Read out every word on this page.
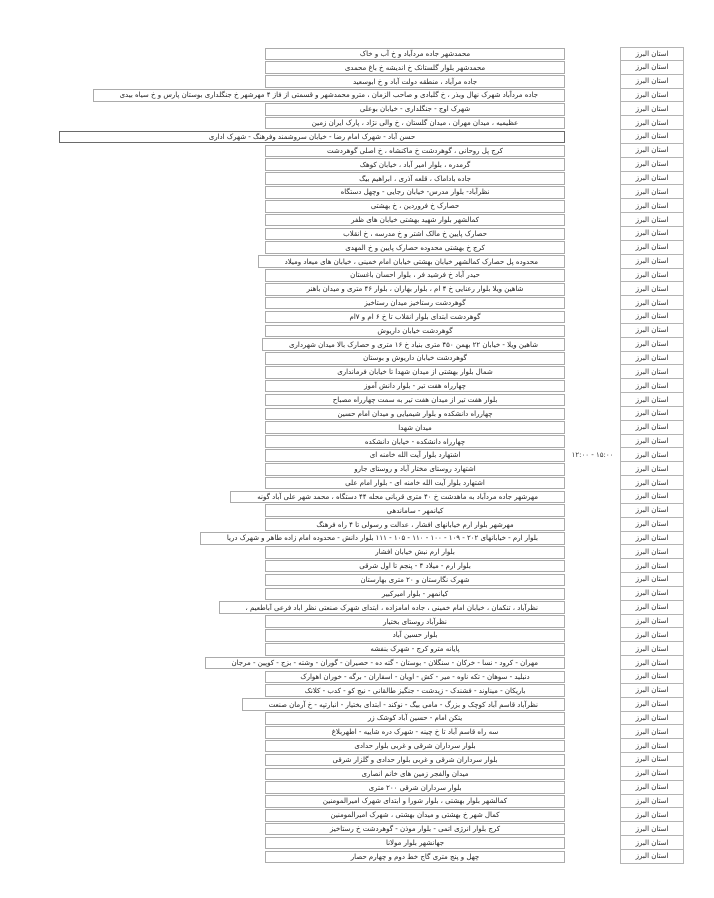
استان البرز
محمدشهر جاده مردآباد و خ آب و خاک
استان البرز
محمدشهر بلوار گلستانک خ اندیشه خ باغ محمدی
استان البرز
جاده مرآباد ، منطقه دولت آباد و خ ابوسعید
استان البرز
جاده مردآباد شهرک نهال وبذر ، خ گلبادی و صاحب الزمان ، مترو محمدشهر و قسمتی از فاز ۴ مهرشهر خ جنگلداری بوستان پارس و خ سیاه بیدی
استان البرز
شهرک اوج - جنگلداری - خیابان بوعلی
استان البرز
عظیمیه ، میدان مهران ، میدان گلستان ، خ والی نژاد ، پارک ایران زمین
استان البرز
حسن آباد - شهرک امام رضا - خیابان سروشمند وفرهنگ - شهرک اداری
استان البرز
کرج پل روحانی ، گوهردشت خ ماکنشاه ، خ اصلی گوهردشت
استان البرز
گرمدره ، بلوار امیر آباد ، خیابان کوهک
استان البرز
جاده باداماک ، قلعه آذری ، ابراهیم بیگ
استان البرز
نظرآباد- بلوار مدرس- خیابان رجایی - وچهل دستگاه
استان البرز
حصارک خ فروردین ، خ بهشتی
استان البرز
کمالشهر بلوار شهید بهشتی خیابان های ظفر
استان البرز
حصارک پایین خ مالک اشتر و خ مدرسه ، خ انقلاب
استان البرز
کرج خ بهشتی محدوده حصارک پایین و خ المهدی
استان البرز
محدوده پل حصارک کمالشهر خیابان بهشتی خیابان امام خمینی ، خیابان های میعاد ومیلاد
استان البرز
حیدر آباد خ فرشید فر ، بلوار احسان باغستان
استان البرز
شاهین ویلا بلوار رعنایی خ ۴ ام ، بلوار بهاران ، بلوار ۴۶ متری و میدان باهنر
استان البرز
گوهردشت رستاخیز میدان رستاخیز
استان البرز
گوهردشت ابتدای بلوار انقلاب تا خ ۶ ام و ۷ام
استان البرز
گوهردشت خیابان داریوش
استان البرز
شاهین ویلا - خیابان ۲۲ بهمن ۴۵۰ متری بنیاد خ ۱۶ متری و حصارک بالا میدان شهرداری
استان البرز
گوهردشت خیابان داریوش و بوستان
استان البرز
شمال بلوار بهشتی از میدان شهدا تا خیابان فرمانداری
استان البرز
چهارراه هفت تیر - بلوار دانش آموز
استان البرز
بلوار هفت تیر از میدان هفت تیر به سمت چهارراه مصباح
استان البرز
چهارراه دانشکده و بلوار شیمیایی و میدان امام حسین
استان البرز
میدان شهدا
استان البرز
چهارراه دانشکده - خیابان دانشکده
استان البرز
۱۲:۰۰ - ۱۵:۰۰
اشتهارد بلوار آیت الله خامنه ای
استان البرز
اشتهارد روستای مختار آباد و روستای جارو
استان البرز
اشتهارد بلوار آیت الله خامنه ای - بلوار امام علی
استان البرز
مهرشهر جاده مردآباد به ماهدشت خ ۴۰ متری قربانی محله ۴۴ دستگاه ، محمد شهر علی آباد گونه
استان البرز
کیانمهر - ساماندهی
استان البرز
مهرشهر بلوار ارم خیابانهای افشار ، عدالت و رسولی تا ۴ راه فرهنگ
استان البرز
بلوار ارم - خیابانهای ۲۰۲ - ۱۰۹ - ۱۰۰ - ۱۱۰ - ۱۰۵ - ۱۱۱ بلوار دانش - محدوده امام زاده طاهر و شهرک دریا
استان البرز
بلوار ارم نبش خیابان افشار
استان البرز
بلوار ارم - میلاد ۴ - پنجم تا اول شرقی
استان البرز
شهرک نگارستان و ۲۰ متری بهارستان
استان البرز
کیانمهر - بلوار امیرکبیر
استان البرز
نظرآباد ، تنکمان ، خیابان امام خمینی ، جاده امامزاده ، ابتدای شهرک صنعتی نظر اباد فرعی آباطعیم ،
استان البرز
نظرآباد روستای بختیار
استان البرز
بلوار حسین آباد
استان البرز
پایانه مترو کرج - شهرک بنفشه
استان البرز
مهران - کرود - نسا - خرکان - سنگلان - بوستان - گته ده - حصیران - گوران - وشته - بزج - کوپین - مرجان
استان البرز
دنبلید - سوهان - تکه ناوه - میر - کش - اویان - اسفاران - برگه - خوران اهوارک
استان البرز
باریکان - میناوند - فشندک - زیدشت - جنگیز طالقانی - نیج کو - کدب - کلانک
استان البرز
نظرآباد قاسم آباد کوچک و بزرگ - مامی بیگ - نوکند - ابتدای بختیار - انبارتپه - خ آرمان صنعت
استان البرز
یتکن امام - حسین آباد کوشک زر
استان البرز
سه راه قاسم آباد تا خ چینه - شهرک دره شاییه - اطهربلاغ
استان البرز
بلوار سرداران شرقی و غربی بلوار حدادی
استان البرز
بلوار سرداران شرقی و غربی بلوار حدادی و گلزار شرقی
استان البرز
میدان والفجر زمین های خانم انصاری
استان البرز
بلوار سرداران شرقی ۲۰۰ متری
استان البرز
کمالشهر بلوار بهشتی ، بلوار شورا و ابتدای شهرک امیرالمومنین
استان البرز
کمال شهر خ بهشتی و میدان بهشتی ، شهرک امیرالمومنین
استان البرز
کرج بلوار انرژی اتمی - بلوار موذن - گوهردشت خ رستاخیز
استان البرز
جهانشهر بلوار مولانا
استان البرز
چهل و پنج متری گاج خط دوم و چهارم حصار
